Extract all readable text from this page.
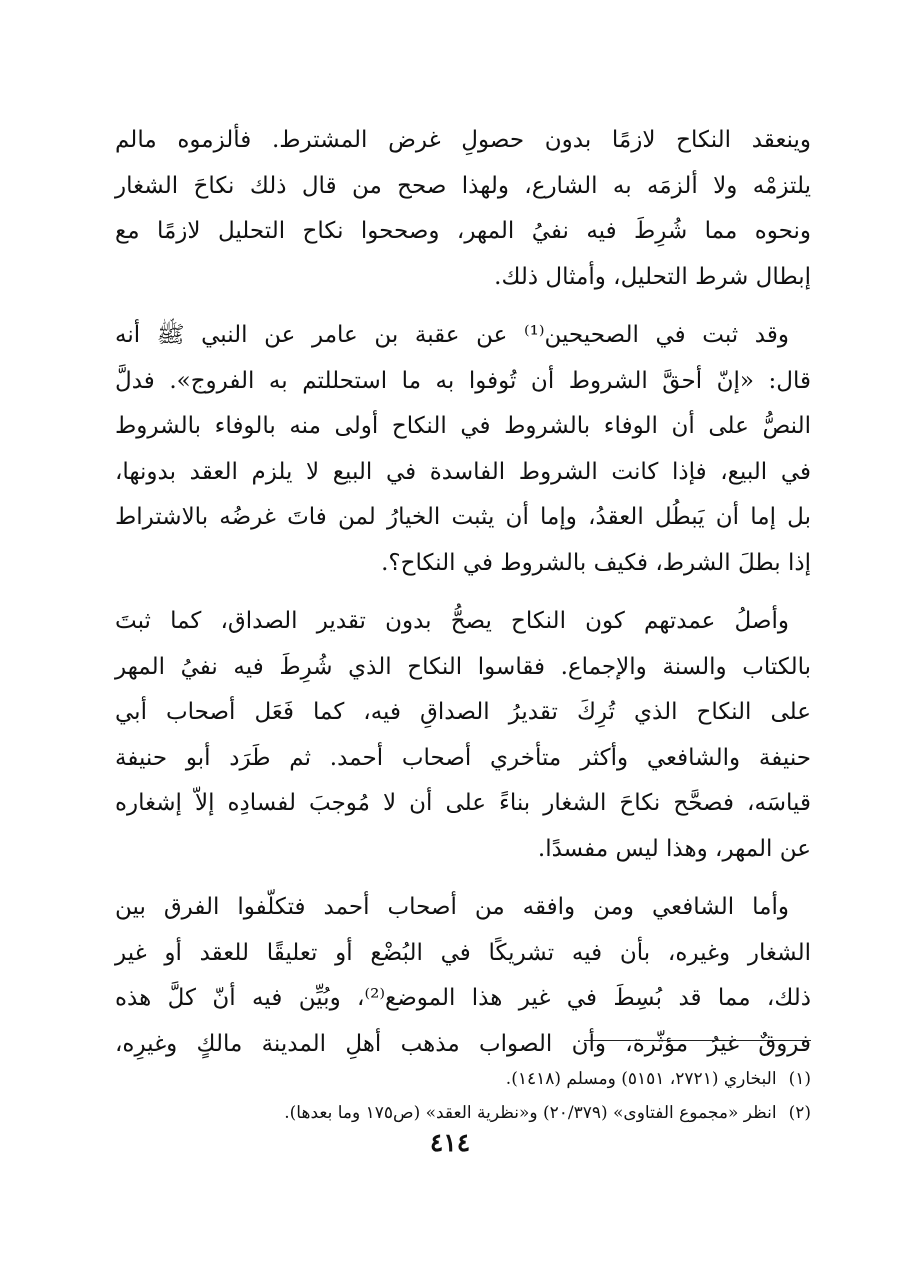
وينعقد النكاح لازمًا بدون حصولِ غرض المشترط. فألزموه مالم
يلتزمْه ولا ألزمَه به الشارع، ولهذا صحح من قال ذلك نكاحَ الشغار
ونحوه مما شُرِطَ فيه نفيُ المهر، وصححوا نكاح التحليل لازمًا مع
إبطال شرط التحليل، وأمثال ذلك.
وقد ثبت في الصحيحين⁽¹⁾ عن عقبة بن عامر عن النبي ﷺ أنه
قال: «إنّ أحقَّ الشروط أن تُوفوا به ما استحللتم به الفروج». فدلَّ
النصُّ على أن الوفاء بالشروط في النكاح أولى منه بالوفاء بالشروط
في البيع، فإذا كانت الشروط الفاسدة في البيع لا يلزم العقد بدونها،
بل إما أن يَبطُل العقدُ، وإما أن يثبت الخيارُ لمن فاتَ غرضُه بالاشتراط
إذا بطلَ الشرط، فكيف بالشروط في النكاح؟.
وأصلُ عمدتهم كون النكاح يصحُّ بدون تقدير الصداق، كما ثبتَ
بالكتاب والسنة والإجماع. فقاسوا النكاح الذي شُرِطَ فيه نفيُ المهر
على النكاح الذي تُرِكَ تقديرُ الصداقِ فيه، كما فَعَل أصحاب أبي
حنيفة والشافعي وأكثر متأخري أصحاب أحمد. ثم طَرَد أبو حنيفة
قياسَه، فصحَّح نكاحَ الشغار بناءً على أن لا مُوجبَ لفسادِه إلاّ إشغاره
عن المهر، وهذا ليس مفسدًا.
وأما الشافعي ومن وافقه من أصحاب أحمد فتكلّفوا الفرق بين
الشغار وغيره، بأن فيه تشريكًا في البُضْع أو تعليقًا للعقد أو غير
ذلك، مما قد بُسِطَ في غير هذا الموضع⁽²⁾، وبُيِّن فيه أنّ كلَّ هذه
فروقٌ غيرُ مؤثّرة، وأن الصواب مذهب أهلِ المدينة مالكٍ وغيرِه،
(١)البخاري (٢٧٢١، ٥١٥١) ومسلم (١٤١٨).
(٢)انظر «مجموع الفتاوى» (٢٠/٣٧٩) و«نظرية العقد» (ص١٧٥ وما بعدها).
٤١٤
